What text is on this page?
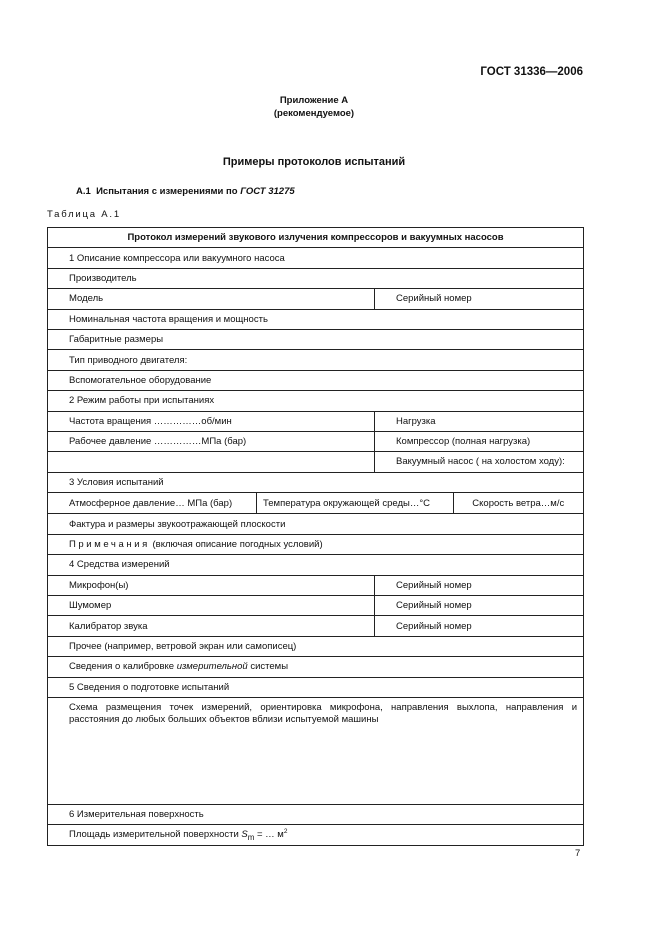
ГОСТ 31336—2006
Приложение А
(рекомендуемое)
Примеры протоколов испытаний
А.1 Испытания с измерениями по ГОСТ 31275
Таблица А.1
Протокол измерений звукового излучения компрессоров и вакуумных насосов
1 Описание компрессора или вакуумного насоса
Производитель
Модель	Серийный номер
Номинальная частота вращения и мощность
Габаритные размеры
Тип приводного двигателя:
Вспомогательное оборудование
2 Режим работы при испытаниях
Частота вращения ……………об/мин	Нагрузка
Рабочее давление ……………МПа (бар)	Компрессор (полная нагрузка)
	Вакуумный насос ( на холостом ходу):
3 Условия испытаний
Атмосферное давление… МПа (бар)		Температура окружающей среды…°С	Скорость ветра…м/с

Фактура и размеры звукоотражающей плоскости
Примечания (включая описание погодных условий)
4 Средства измерений
Микрофон(ы)	Серийный номер
Шумомер	Серийный номер
Калибратор звука	Серийный номер
Прочее (например, ветровой экран или самописец)
Сведения о калибровке измерительной системы
5 Сведения о подготовке испытаний
Схема размещения точек измерений, ориентировка микрофона, направления выхлопа, направления и расстояния до любых больших объектов вблизи испытуемой машины
6 Измерительная поверхность
Площадь измерительной поверхности $S_m$ = … $м^2$
7
